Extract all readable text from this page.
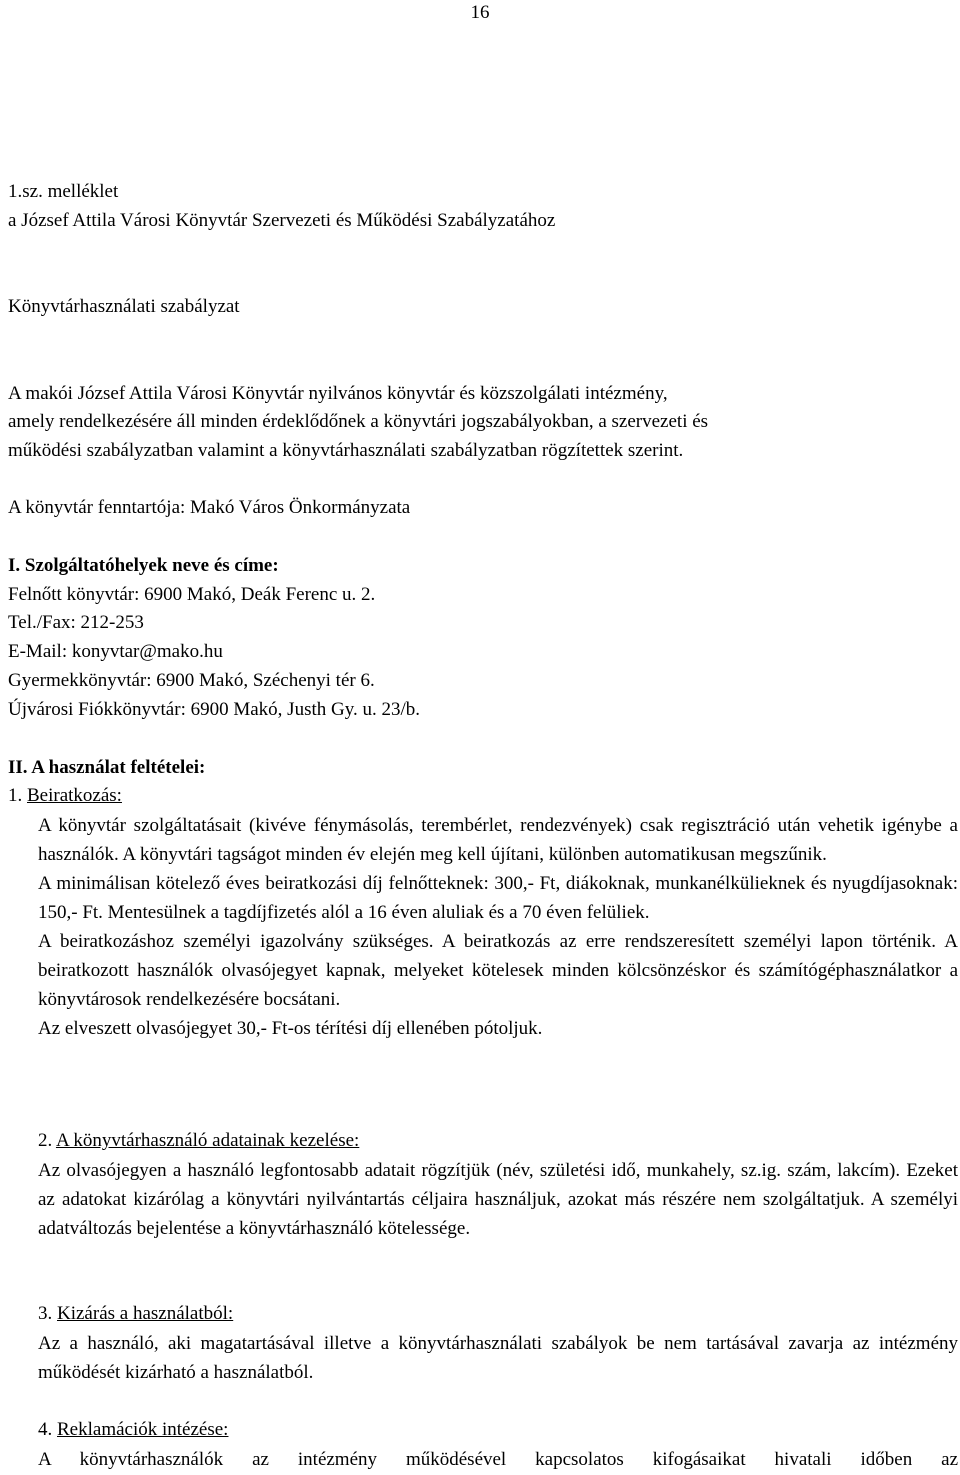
16
1.sz. melléklet
a József Attila Városi Könyvtár Szervezeti és Működési Szabályzatához
Könyvtárhasználati szabályzat
A makói József Attila Városi Könyvtár nyilvános könyvtár és közszolgálati intézmény,
amely rendelkezésére áll minden érdeklődőnek a könyvtári jogszabályokban, a szervezeti és
működési szabályzatban valamint a könyvtárhasználati szabályzatban rögzítettek szerint.
A könyvtár fenntartója: Makó Város Önkormányzata
I. Szolgáltatóhelyek neve és címe:
Felnőtt könyvtár: 6900 Makó, Deák Ferenc u. 2.
Tel./Fax: 212-253
E-Mail: konyvtar@mako.hu
Gyermekkönyvtár: 6900 Makó, Széchenyi tér 6.
Újvárosi Fiókkönyvtár: 6900 Makó, Justh Gy. u. 23/b.
II. A használat feltételei:
1. Beiratkozás:

A könyvtár szolgáltatásait (kivéve fénymásolás, terembérlet, rendezvények) csak regisztráció után vehetik igénybe a használók. A könyvtári tagságot minden év elején meg kell újítani, különben automatikusan megszűnik.

A minimálisan kötelező éves beiratkozási díj felnőtteknek: 300,- Ft, diákoknak, munkanélkülieknek és nyugdíjasoknak: 150,- Ft. Mentesülnek a tagdíjfizetés alól a 16 éven aluliak és a 70 éven felüliek.

A beiratkozáshoz személyi igazolvány szükséges. A beiratkozás az erre rendszeresített személyi lapon történik. A beiratkozott használók olvasójegyet kapnak, melyeket kötelesek minden kölcsönzéskor és számítógéphasználatkor a könyvtárosok rendelkezésére bocsátani.

Az elveszett olvasójegyet 30,- Ft-os térítési díj ellenében pótoljuk.

2. A könyvtárhasználó adatainak kezelése:

Az olvasójegyen a használó legfontosabb adatait rögzítjük (név, születési idő, munkahely, sz.ig. szám, lakcím). Ezeket az adatokat kizárólag a könyvtári nyilvántartás céljaira használjuk, azokat más részére nem szolgáltatjuk. A személyi adatváltozás bejelentése a könyvtárhasználó kötelessége.

3. Kizárás a használatból:

Az a használó, aki magatartásával illetve a könyvtárhasználati szabályok be nem tartásával zavarja az intézmény működését kizárható a használatból.

4. Reklamációk intézése:

A könyvtárhasználók az intézmény működésével kapcsolatos kifogásaikat hivatali időben az
